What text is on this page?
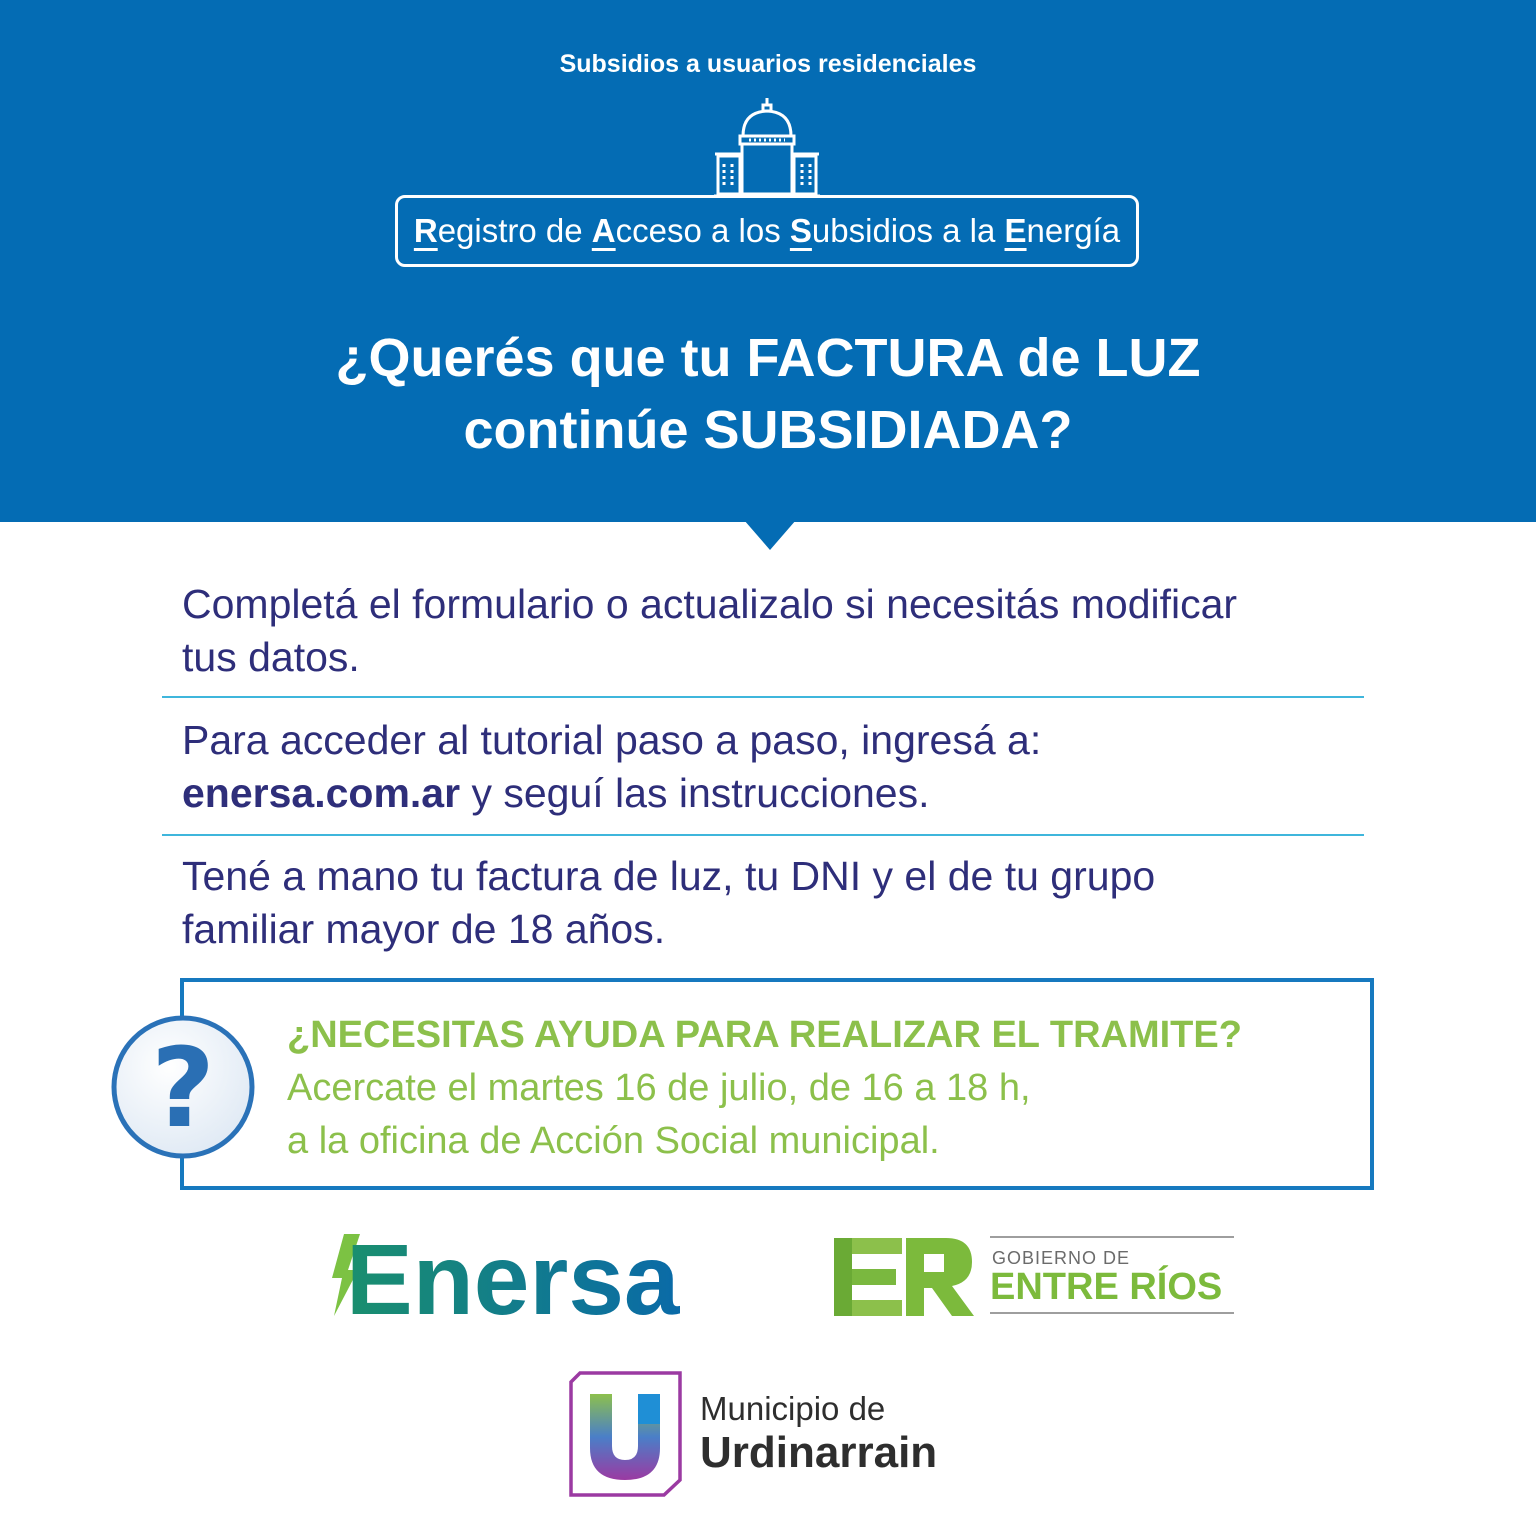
Subsidios a usuarios residenciales
R egistro de A cceso a los S ubsidios a la E nergía
¿Querés que tu FACTURA de LUZ
continúe SUBSIDIADA?
Completá el formulario o actualizalo si necesitás modificar
tus datos.
Para acceder al tutorial paso a paso, ingresá a:
enersa.com.ar y seguí las instrucciones.
Tené a mano tu factura de luz, tu DNI y el de tu grupo
familiar mayor de 18 años.
? ¿NECESITAS AYUDA PARA REALIZAR EL TRAMITE?
Acercate el martes 16 de julio, de 16 a 18 h,
a la oficina de Acción Social municipal.
Enersa	GOBIERNO DE
ENTRE RÍOS
Municipio de
Urdinarrain
